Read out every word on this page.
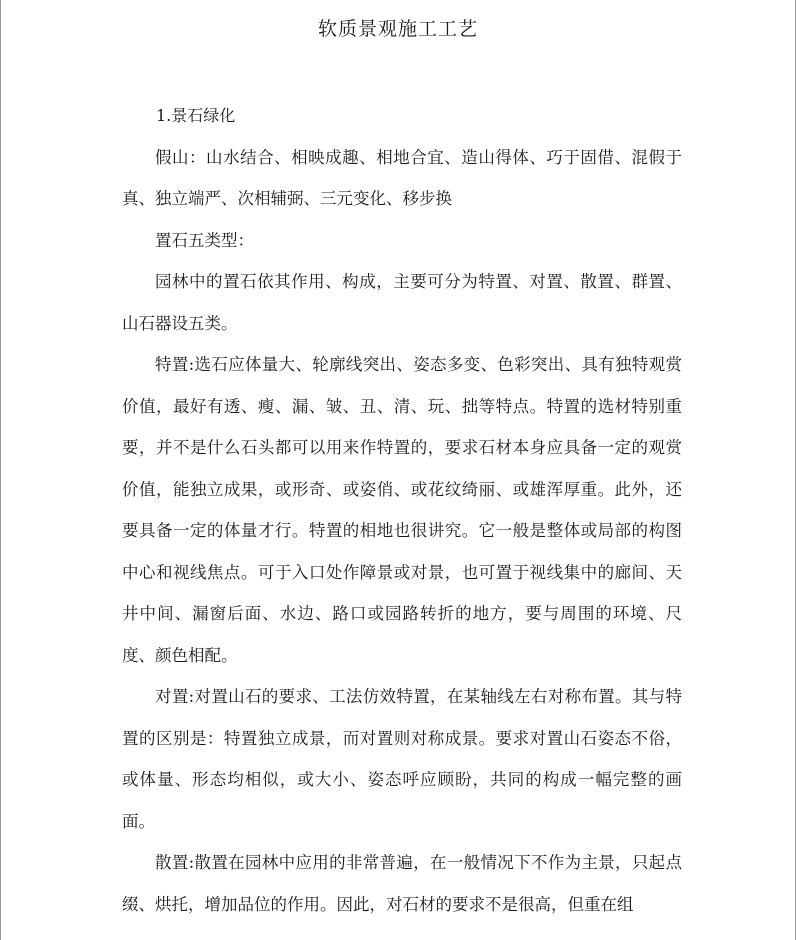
软质景观施工工艺

1.景石绿化

假山：山水结合、相映成趣、相地合宜、造山得体、巧于固借、混假于真、独立端严、次相辅弼、三元变化、移步换

置石五类型：

园林中的置石依其作用、构成，主要可分为特置、对置、散置、群置、山石器设五类。

特置:选石应体量大、轮廓线突出、姿态多变、色彩突出、具有独特观赏价值，最好有透、瘦、漏、皱、丑、清、玩、拙等特点。特置的选材特别重要，并不是什么石头都可以用来作特置的，要求石材本身应具备一定的观赏价值，能独立成果，或形奇、或姿俏、或花纹绮丽、或雄浑厚重。此外，还要具备一定的体量才行。特置的相地也很讲究。它一般是整体或局部的构图中心和视线焦点。可于入口处作障景或对景，也可置于视线集中的廊间、天井中间、漏窗后面、水边、路口或园路转折的地方，要与周围的环境、尺度、颜色相配。

对置:对置山石的要求、工法仿效特置，在某轴线左右对称布置。其与特置的区别是：特置独立成景，而对置则对称成景。要求对置山石姿态不俗，或体量、形态均相似，或大小、姿态呼应顾盼，共同的构成一幅完整的画面。

散置:散置在园林中应用的非常普遍，在一般情况下不作为主景，只起点缀、烘托，增加品位的作用。因此，对石材的要求不是很高，但重在组
